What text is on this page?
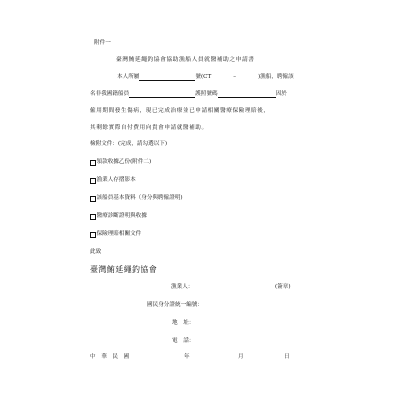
附件一
臺灣鮪延繩釣協會協助漁船人員就醫補助之申請書
本人所屬	號(CT	–	)漁船，聘僱該
名非我國籍船員	護照號碼	因於
僱用期間發生傷病，現已完成治療並已申請相關醫療保險理賠後，
其剩餘實際自付費用向貴會申請就醫補助。
檢附文件：(完成，請勾選以下)
領款收據乙份(附件二)
漁業人存摺影本
該船員基本資料（身分與聘僱證明)
醫療診斷證明與收據
保險理賠相關文件
此致
臺灣鮪延繩釣協會
漁業人：	(簽章)
國民身分證統一編號：
地　址：
電　話：
中　華　民　國	年	月	日
